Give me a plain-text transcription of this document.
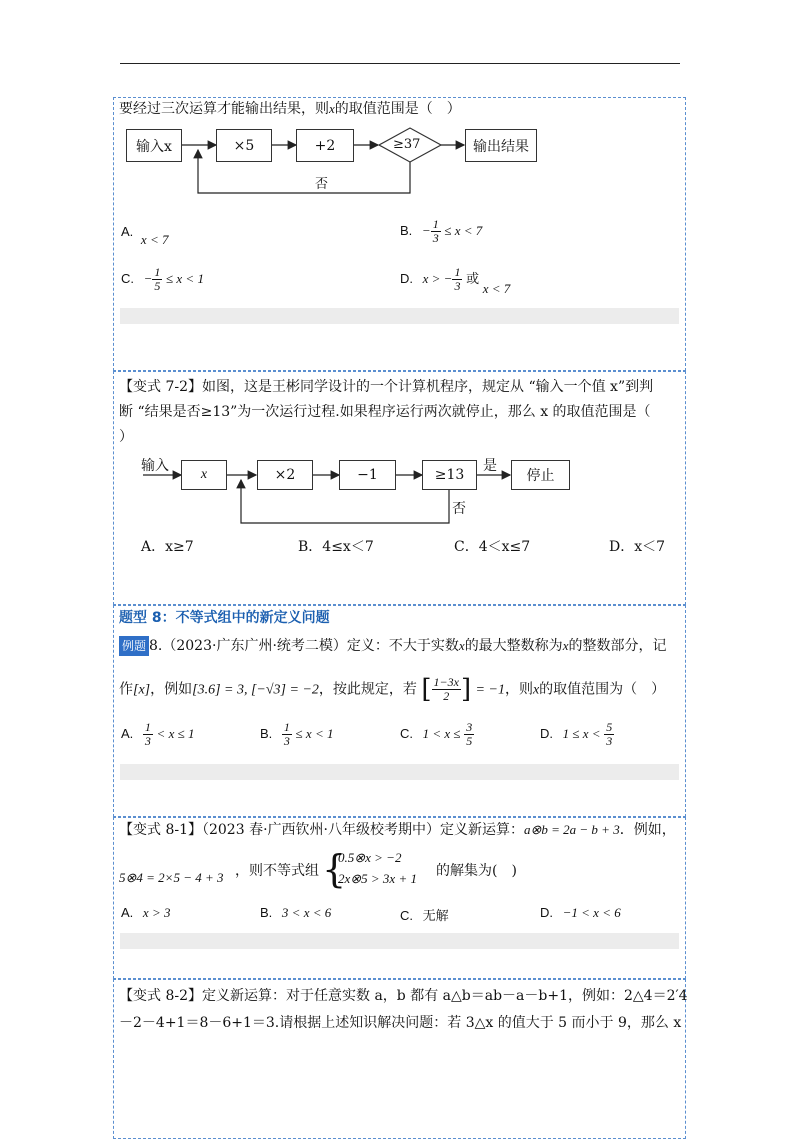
要经过三次运算才能输出结果，则x的取值范围是（　）
输入x	×5	+2	≥37	输出结果
否
A. x < 7
B. − $\frac{1}{3} \le x < 7$
C. − $\frac{1}{5} \le x < 1$	D. x > − $\frac{1}{3}$ 或 x < 7
【变式 7-2】如图，这是王彬同学设计的一个计算机程序，规定从 “输入一个值 x”到判
断 “结果是否≥13”为一次运行过程.如果程序运行两次就停止，那么 x 的取值范围是（
）
输入
x	×2	−1	≥13
是
停止
否
A．x≥7	B．4≤x＜7	C．4＜x≤7	D．x＜7
题型 8：不等式组中的新定义问题
例题 8.（2023·广东广州·统考二模）定义：不大于实数x的最大整数称为x的整数部分，记
作[x]，例如[3.6] = 3, [−√3] = −2，按此规定，若 [ $\frac{1-3x}{2}$ ] = −1，则x的取值范围为（　）
A. $\frac{1}{3} < x \le 1$	B. $\frac{1}{3} \le x < 1$	C. $1 < x \le \frac{3}{5}$	D. $1 \le x < \frac{5}{3}$
【变式 8-1】（2023 春·广西钦州·八年级校考期中）定义新运算：a⊗b = 2a − b + 3．例如，
5⊗4 = 2×5 − 4 + 3 ，则不等式组 {
0.5⊗x > −2
2x⊗5 > 3x + 1 的解集为(　)
A. x > 3	B. 3 < x < 6	C. 无解	D. −1 < x < 6
【变式 8-2】定义新运算：对于任意实数 a，b 都有 a△b＝ab－a－b+1，例如：2△4＝2′4
－2－4+1＝8－6+1＝3.请根据上述知识解决问题：若 3△x 的值大于 5 而小于 9，那么 x
